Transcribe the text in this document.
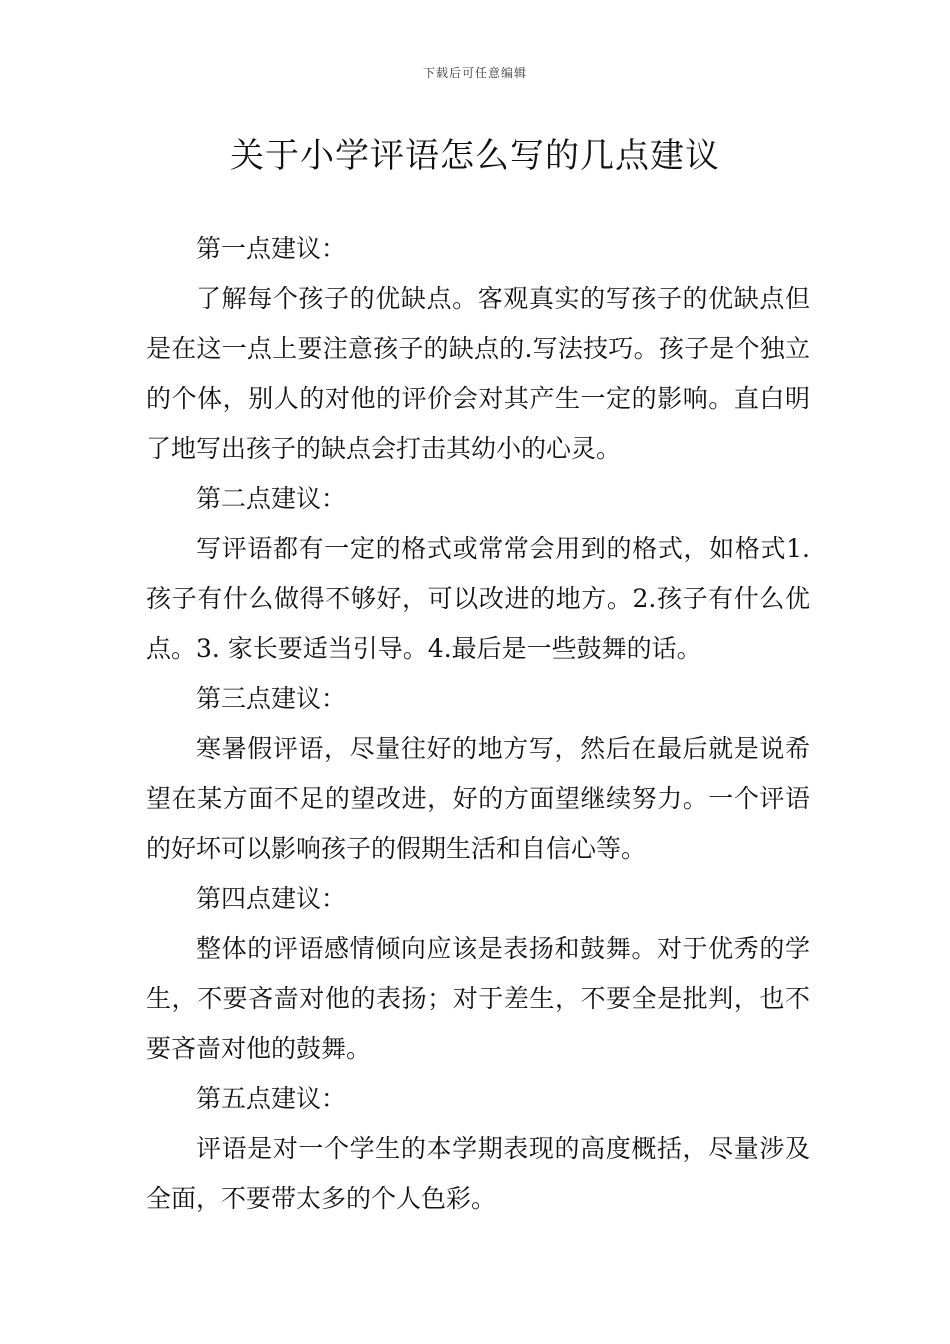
下载后可任意编辑
关于小学评语怎么写的几点建议

第一点建议：

了解每个孩子的优缺点。客观真实的写孩子的优缺点但是在这一点上要注意孩子的缺点的.写法技巧。孩子是个独立的个体，别人的对他的评价会对其产生一定的影响。直白明了地写出孩子的缺点会打击其幼小的心灵。

第二点建议：

写评语都有一定的格式或常常会用到的格式，如格式1.孩子有什么做得不够好，可以改进的地方。2.孩子有什么优点。3. 家长要适当引导。4.最后是一些鼓舞的话。

第三点建议：

寒暑假评语，尽量往好的地方写，然后在最后就是说希望在某方面不足的望改进，好的方面望继续努力。一个评语的好坏可以影响孩子的假期生活和自信心等。

第四点建议：

整体的评语感情倾向应该是表扬和鼓舞。对于优秀的学生，不要吝啬对他的表扬；对于差生，不要全是批判，也不要吝啬对他的鼓舞。

第五点建议：

评语是对一个学生的本学期表现的高度概括，尽量涉及全面，不要带太多的个人色彩。
